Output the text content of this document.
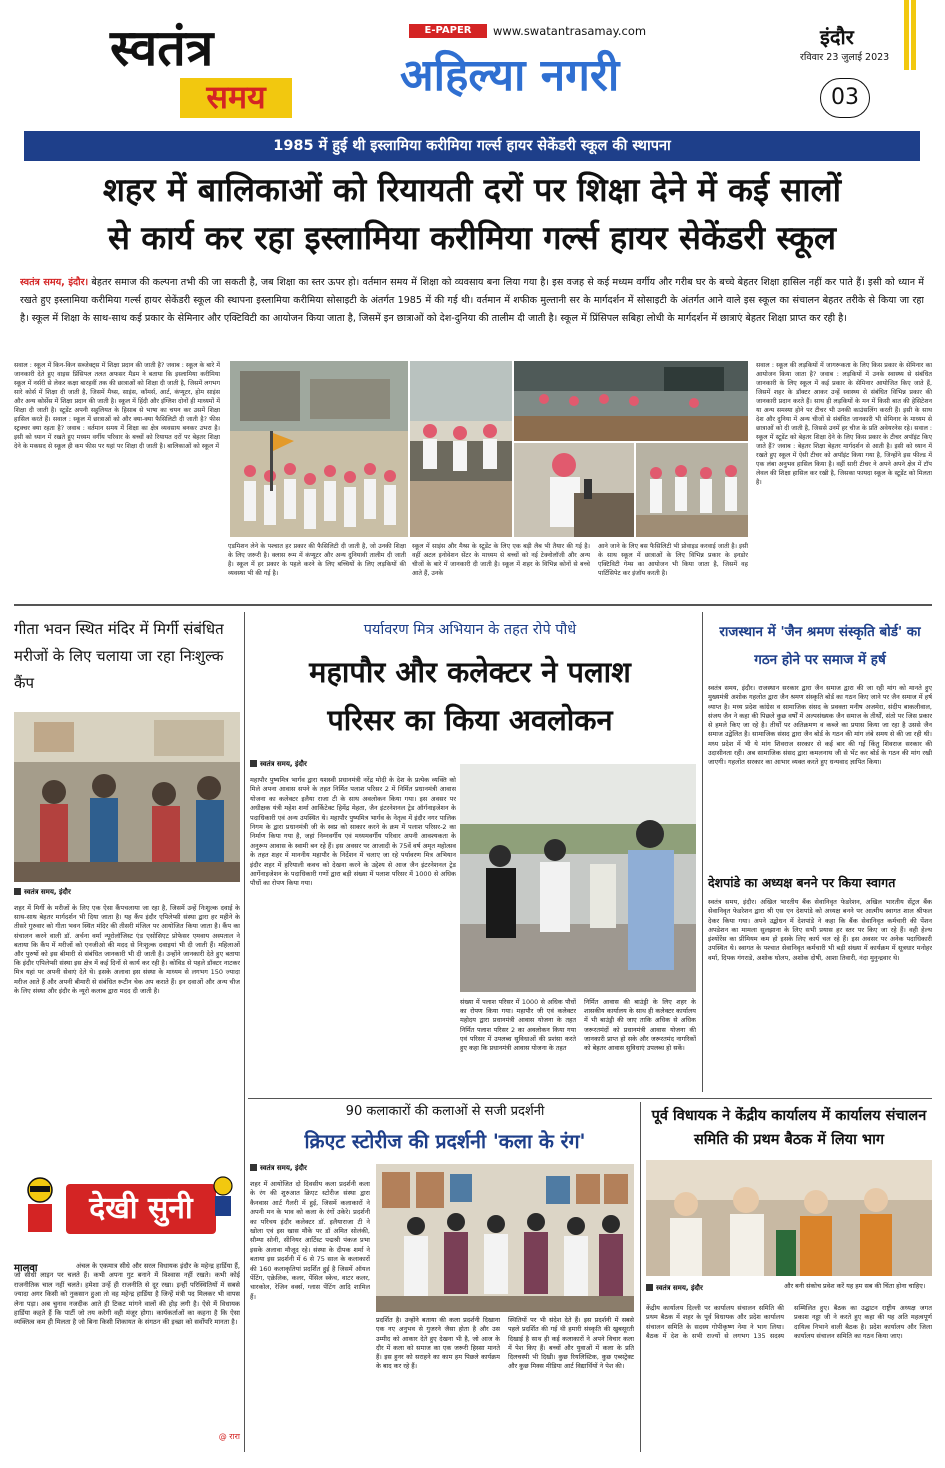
स्वतंत्र
समय
E-PAPER	www.swatantrasamay.com
अहिल्या नगरी
इंदौर
रविवार 23 जुलाई 2023
03
1985 में हुई थी इस्लामिया करीमिया गर्ल्स हायर सेकेंडरी स्कूल की स्थापना
शहर में बालिकाओं को रियायती दरों पर शिक्षा देने में कई सालों
से कार्य कर रहा इस्लामिया करीमिया गर्ल्स हायर सेकेंडरी स्कूल
स्वतंत्र समय, इंदौर। बेहतर समाज की कल्पना तभी की जा सकती है, जब शिक्षा का स्तर ऊपर हो। वर्तमान समय में शिक्षा को व्यवसाय बना लिया गया है। इस वजह से कई मध्यम वर्गीय और गरीब घर के बच्चे बेहतर शिक्षा हासिल नहीं कर पाते हैं। इसी को ध्यान में रखते हुए इस्लामिया करीमिया गर्ल्स हायर सेकेंडरी स्कूल की स्थापना इस्लामिया करीमिया सोसाइटी के अंतर्गत 1985 में की गई थी। वर्तमान में शफीक मुल्तानी सर के मार्गदर्शन में सोसाइटी के अंतर्गत आने वाले इस स्कूल का संचालन बेहतर तरीके से किया जा रहा है। स्कूल में शिक्षा के साथ-साथ कई प्रकार के सेमिनार और एक्टिविटी का आयोजन किया जाता है, जिसमें इन छात्राओं को देश-दुनिया की तालीम दी जाती है। स्कूल में प्रिंसिपल सबिहा लोधी के मार्गदर्शन में छात्राएं बेहतर शिक्षा प्राप्त कर रही है।
सवाल : स्कूल में किन-किन सब्जेक्ट्स में शिक्षा प्रदान की जाती है? जवाब : स्कूल के बारे में जानकारी देते हुए वाइस प्रिंसिपल तलत अफसर मैडम ने बताया कि इस्लामिया करीमिया स्कूल में नर्सरी से लेकर कक्षा बारहवीं तक की छात्राओं को शिक्षा दी जाती है, जिसमें लगभग सारे कोर्स में शिक्षा दी जाती है, जिसमें मैथ्स, साइंस, कॉमर्स, आर्ट, कंप्यूटर, होम साइंस और अन्य कोर्सेस में शिक्षा प्रदान की जाती है। स्कूल में हिंदी और इंग्लिश दोनों ही माध्यमों में शिक्षा दी जाती है। स्टूडेंट अपनी सहूलियत के हिसाब से भाषा का चयन कर उसमें शिक्षा हासिल करते हैं। सवाल : स्कूल में छात्राओं को और क्या-क्या फैसिलिटी दी जाती है? फीस स्ट्रक्चर क्या रहता है? जवाब : वर्तमान समय में शिक्षा का क्षेत्र व्यवसाय बनकर उभरा है। इसी को ध्यान में रखते हुए मध्यम वर्गीय परिवार के बच्चों को रियायत दरों पर बेहतर शिक्षा देने के मकसद से स्कूल ही कम फीस पर यहां पर शिक्षा दी जाती है। बालिकाओं को स्कूल में
एडमिशन लेने के पश्चात हर प्रकार की फैसिलिटी दी जाती है, जो उनकी शिक्षा के लिए जरूरी है। क्लास रूम में कंप्यूटर और अन्य दुनियावी तालीम दी जाती है। स्कूल में हर प्रकार के पहले करने के लिए बच्चियों के लिए लड़कियों की व्यवस्था भी की गई है।
स्कूल में साइंस और मैथ्स के स्टूडेंट के लिए एक बड़ी लैब भी तैयार की गई है। वहीं अटल इनोवेशन सेंटर के माध्यम से बच्चों को नई टेक्नोलॉजी और अन्य चीजों के बारे में जानकारी दी जाती है। स्कूल में शहर के विभिन्न कोनों से बच्चे आते हैं, उनके
आने जाने के लिए बस फैसिलिटी भी प्रोवाइड करवाई जाती है। इसी के साथ स्कूल में छात्राओं के लिए विभिन्न प्रकार के इनडोर एक्टिविटी गेम्स का आयोजन भी किया जाता है, जिसमें वह पार्टिसिपेट कर इंजॉय करती है।
सवाल : स्कूल की लड़कियों में जागरूकता के लिए किस प्रकार के सेमिनार का आयोजन किया जाता है? जवाब : लड़कियों में उनके स्वास्थ्य से संबंधित जानकारी के लिए स्कूल में कई प्रकार के सेमिनार आयोजित किए जाते हैं, जिसमें शहर के डॉक्टर आकर उन्हें स्वास्थ्य से संबंधित विभिन्न प्रकार की जानकारी प्रदान करते हैं। साथ ही लड़कियों के मन में किसी बात की हेसिटेशन या अन्य समस्या होने पर टीचर भी उनकी काउंसलिंग करती हैं। इसी के साथ देश और दुनिया में अन्य चीजों से संबंधित जानकारी भी सेमिनार के माध्यम से छात्राओं को दी जाती है, जिससे उनमें हर चीज के प्रति अवेयरनेस रहे। सवाल : स्कूल में स्टूडेंट को बेहतर शिक्षा देने के लिए किस प्रकार के टीचर अपॉइंट किए जाते हैं? जवाब : बेहतर शिक्षा बेहतर मार्गदर्शन से आती है। इसी को ध्यान में रखते हुए स्कूल में ऐसी टीचर को अपॉइंट किया गया है, जिन्होंने इस फील्ड में एक लंबा अनुभव हासिल किया है। वहीं सारी टीचर ने अपने अपने क्षेत्र में टॉप लेवल की शिक्षा हासिल कर रखी है, जिसका फायदा स्कूल के स्टूडेंट को मिलता है।
गीता भवन स्थित मंदिर में मिर्गी संबंधित मरीजों के लिए चलाया जा रहा निःशुल्क कैंप
स्वतंत्र समय, इंदौर
शहर में मिर्गी के मरीजों के लिए एक ऐसा कैंपचलाया जा रहा है, जिसमें उन्हें निःशुल्क दवाई के साथ-साथ बेहतर मार्गदर्शन भी दिया जाता है। यह कैंप इंदौर एपिलेप्सी संस्था द्वारा हर महीने के तीसरे गुरुवार को गीता भवन स्थित मंदिर की तीसरी मंजिल पर आयोजित किया जाता है। कैंप का संचालन करने वाली डॉ. अर्चना वर्मा न्यूरोलॉजिस्ट एंड एसोसिएट प्रोफेसर एमवाय अस्पताल ने बताया कि कैंप में मरीजों को एनजीओ की मदद से निःशुल्क दवाइयां भी दी जाती हैं। महिलाओं और पुरुषों को इस बीमारी से संबंधित जानकारी भी दी जाती है। उन्होंने जानकारी देते हुए बताया कि इंदौर एपिलेप्सी संस्था इस क्षेत्र में कई दिनों से कार्य कर रही है। कोविड से पहले डॉक्टर नाटकर मित्र यहां पर अपनी सेवाएं देते थे। इसके अलावा इस संस्था के माध्यम से लगभग 150 ज्यादा मरीज आते हैं और अपनी बीमारी से संबंधित रूटीन चेक अप कराते हैं। इन दवाओं और अन्य चीज के लिए संस्था और इंदौर के न्यूरो कलाब द्वारा मदद दी जाती है।
देखी सुनी
मालवा	अंचल के एकमात्र सीधे और सरल विधायक इंदौर के महेन्द्र हार्डिया हैं, जो सीधी लाइन पर चलते हैं। कभी अपना गुट बनाने में विश्वास नहीं रखते। कभी कोई राजनीतिक चाल नहीं चलते। हमेशा उन्हें ही राजनीति से दूर रखा। इन्हीं परिस्थितियों में सबसे ज्यादा अगर किसी को नुकसान हुआ तो वह महेन्द्र हार्डिया है जिन्हें मंत्री पद मिलकर भी वापस लेना पड़ा। अब चुनाव नजदीक आते ही टिकट मांगने वालों की होड़ लगी है। ऐसे में विधायक हार्डिया कहते हैं कि पार्टी जो तय करेगी वही मंजूर होगा। कार्यकर्ताओं का कहना है कि ऐसा व्यक्तित्व कम ही मिलता है जो बिना किसी शिकायत के संगठन की इच्छा को सर्वोपरि मानता है।
@ रारा
पर्यावरण मित्र अभियान के तहत रोपे पौधे
महापौर और कलेक्टर ने पलाश
परिसर का किया अवलोकन
स्वतंत्र समय, इंदौर
महापौर पुष्यमित्र भार्गव द्वारा यशस्वी प्रधानमंत्री नरेंद्र मोदी के देश के प्रत्येक व्यक्ति को मिले अपना आवास सपने के तहत निर्मित पलाश परिसर 2 में निर्मित प्रधानमंत्री आवास योजना का कलेक्टर इलैया राजा टी के साथ अवलोकन किया गया। इस अवसर पर अधीक्षक यंत्री महेश शर्मा आर्किटेक्ट हिमेंद्र मेहता, जैन इंटरनेशनल ट्रेड ऑर्गनाइजेशन के पदाधिकारी एवं अन्य उपस्थित थे। महापौर पुष्यमित्र भार्गव के नेतृत्व में इंदौर नगर पालिक निगम के द्वारा प्रधानमंत्री जी के स्वप्न को साकार करने के क्रम में पलाश परिसर-2 का निर्माण किया गया है, जहां निम्नवर्गीय एवं मध्यमवर्गीय परिवार अपनी आवश्यकता के अनुरूप आवास के स्वामी बन रहे हैं। इस अवसर पर आजादी के 75वें वर्ष अमृत महोत्सव के तहत शहर में माननीय महापौर के निर्देशन में चलाए जा रहे पर्यावरण मित्र अभियान इंदौर शहर में हरियाली कवच को देखना करने के उद्देश्य से आज जैन इंटरनेशनल ट्रेड आर्गेनाइजेशन के पदाधिकारी गणों द्वारा बड़ी संख्या में पलाश परिसर में 1000 से अधिक पौधों का रोपण किया गया।
संख्या में पलाश परिसर में 1000 से अधिक पौधों का रोपण किया गया। महापौर जी एवं कलेक्टर महोदय द्वारा प्रधानमंत्री आवास योजना के तहत निर्मित पलाश परिसर 2 का अवलोकन किया गया एवं परिसर में उपलब्ध सुविधाओं की प्रशंसा करते हुए कहा कि प्रधानमंत्री आवास योजना के तहत
निर्मित आवास की बाउंड्री के लिए शहर के शासकीय कार्यालय के साथ ही कलेक्टर कार्यालय में भी बाउंड्री की जाए ताकि अधिक से अधिक जरूरतमंदों को प्रधानमंत्री आवास योजना की जानकारी प्राप्त हो सके और जरूरतमंद नागरिकों को बेहतर आवास सुविधाएं उपलब्ध हो सकें।
राजस्थान में 'जैन श्रमण संस्कृति बोर्ड' का गठन होने पर समाज में हर्ष
स्वतंत्र समय, इंदौर। राजस्थान सरकार द्वारा जैन समाज द्वारा की जा रही मांग को मानते हुए मुख्यमंत्री अशोक गहलोत द्वारा जैन श्रमण संस्कृति बोर्ड का गठन किए जाने पर जैन समाज में हर्ष व्याप्त है। मध्य प्रदेश कांग्रेस व सामाजिक संसद के प्रवक्ता मनीष अजमेरा, संदीप बाकलीवाल, संजय जैन ने कहा की पिछले कुछ वर्षों में अल्पसंख्यक जैन समाज के तीर्थों, संतो पर जिस प्रकार से हमले किए जा रहे है। तीर्थों पर अतिक्रमण व कब्जे का प्रयास किया जा रहा है उससे जैन समाज उद्वेलित है। सामाजिक संसद द्वारा जैन बोर्ड के गठन की मांग लंबे समय से की जा रही थी। मध्य प्रदेश में भी ये मांग शिवराज सरकार से कई बार की गई किंतु शिवराज सरकार की उदासीनता रही। अब सामाजिक संसद द्वारा कमलनाथ जी से भेंट कर बोर्ड के गठन की मांग रखी जाएगी। गहलोत सरकार का आभार व्यक्त करते हुए धन्यवाद ज्ञापित किया।
देशपांडे का अध्यक्ष बनने पर किया स्वागत
स्वतंत्र समय, इंदौर। अखिल भारतीय बैंक सेवानिवृत फेडरेशन, अखिल भारतीय सेंट्रल बैंक सेवानिवृत फेडरेशन द्वारा श्री एस एन देशपांडे को अध्यक्ष बनने पर आत्मीय स्वागत शाल श्रीफल देकर किया गया। अपने उद्बोधन में देशपांडे ने कहा कि बैंक सेवानिवृत कर्मचारी की पेंशन अपडेशन का मामला सुलझाना के लिए सभी प्रयास हर स्तर पर किए जा रहे हैं। वही हेल्थ इंश्योरेंस का प्रीमियम कम हो इसके लिए कार्य चल रहे हैं। इस अवसर पर अनेक पदाधिकारी उपस्थित थे। स्वागत के पश्चात सेवानिवृत कर्मचारी भी बड़ी संख्या में कार्यक्रम में सूत्रधार मनोहर वर्मा, दिपक गंगराडे, अशोक घोलप, अशोक दोषी, आशा तिवारी, नंदा मुनुन्द्रवार थे।
90 कलाकारों की कलाओं से सजी प्रदर्शनी
क्रिएट स्टोरीज की प्रदर्शनी 'कला के रंग'
स्वतंत्र समय, इंदौर
शहर में आयोजित दो दिवसीय कला प्रदर्शनी कला के रंग की शुरुआत क्रिएट स्टोरीज संस्था द्वारा कैनवास आर्ट गैलरी में हुई, जिसमें कलाकारों ने अपनी मन के भाव को कला के रंगों उकेरे। प्रदर्शनी का परिचय इंदौर कलेक्टर डॉ. इलैयाराजा टी ने खोला एवं इस खास मौके पर डॉ अमित सोलंकी, सौम्या सोनी, सीनियर आर्टिस्ट पद्मश्री पंकज प्रभा इसके अलावा मौजूद रहे। संस्था के दीपक शर्मा ने बताया इस प्रदर्शनी में 6 से 75 साल के कलाकारों की 160 कलाकृतियां प्रदर्शित हुई है जिसमें ऑयल पेंटिंग, एक्रेलिक, कलर, पेंसिल स्केच, वाटर कलर, चारकोल, रेजिन वर्क्स, ग्लास पेंटिंग आदि शामिल हैं।
प्रदर्शित है। उन्होंने बताया की कला प्रदर्शनी दिखाना एक नए अनुभव से गुजरने जैसा होता है और उस उम्मीद को आकार देते हुए देखना भी है, जो आज के दौर में कला को समाज का एक जरूरी हिस्सा मानते हैं। इस हुनर को सराहने का काम हम पिछले कार्यक्रम के बाद कर रहे हैं।
स्थितियों पर भी संदेश देते हैं। इस प्रदर्शनी में सबसे पहले प्रदर्शित की गई थी हमारी संस्कृति की खुबसूरती दिखाई है साथ ही कई कलाकारों ने अपने विचार कला में पेश किए हैं। बच्चों और युवाओं में कला के प्रति दिलचस्पी भी दिखी। कुछ रियलिस्टिक, कुछ एब्सट्रेक्ट और कुछ मिक्स मीडिया आर्ट विद्यार्थियों ने पेश की।
पूर्व विधायक ने केंद्रीय कार्यालय में कार्यालय संचालन समिति की प्रथम बैठक में लिया भाग
स्वतंत्र समय, इंदौर	और बनी संकोच प्रवेश करें यह हम सब की चिंता होना चाहिए।
केंद्रीय कार्यालय दिल्ली पर कार्यालय संचालन समिति की प्रथम बैठक में शहर के पूर्व विधायक और प्रदेश कार्यालय संचालन समिति के सदस्य गोपीकृष्ण नेमा ने भाग लिया। बैठक में देश के सभी राज्यों से लगभग 135 सदस्य सम्मिलित हुए। बैठक का उद्घाटन राष्ट्रीय अध्यक्ष जगत प्रकाश नड्डा जी ने करते हुए कहा की यह अति महत्वपूर्ण दायित्व निभाने वाली बैठक है। प्रदेश कार्यालय और जिला कार्यालय संचालन समिति का गठन किया जाए।
